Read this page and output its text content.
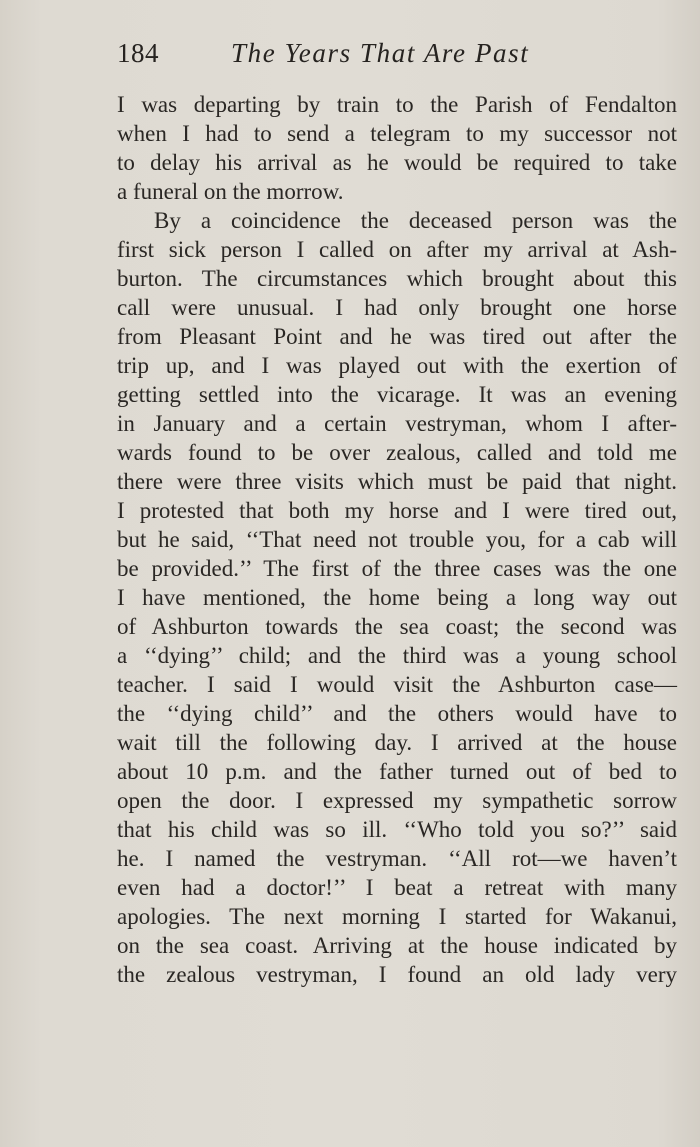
184	The Years That Are Past
I was departing by train to the Parish of Fendalton
when I had to send a telegram to my successor not
to delay his arrival as he would be required to take
a funeral on the morrow.
By a coincidence the deceased person was the
first sick person I called on after my arrival at Ash-
burton. The circumstances which brought about this
call were unusual. I had only brought one horse
from Pleasant Point and he was tired out after the
trip up, and I was played out with the exertion of
getting settled into the vicarage. It was an evening
in January and a certain vestryman, whom I after-
wards found to be over zealous, called and told me
there were three visits which must be paid that night.
I protested that both my horse and I were tired out,
but he said, ‘‘That need not trouble you, for a cab will
be provided.’’ The first of the three cases was the one
I have mentioned, the home being a long way out
of Ashburton towards the sea coast; the second was
a ‘‘dying’’ child; and the third was a young school
teacher. I said I would visit the Ashburton case—
the ‘‘dying child’’ and the others would have to
wait till the following day. I arrived at the house
about 10 p.m. and the father turned out of bed to
open the door. I expressed my sympathetic sorrow
that his child was so ill. ‘‘Who told you so?’’ said
he. I named the vestryman. ‘‘All rot—we haven’t
even had a doctor!’’ I beat a retreat with many
apologies. The next morning I started for Wakanui,
on the sea coast. Arriving at the house indicated by
the zealous vestryman, I found an old lady very
